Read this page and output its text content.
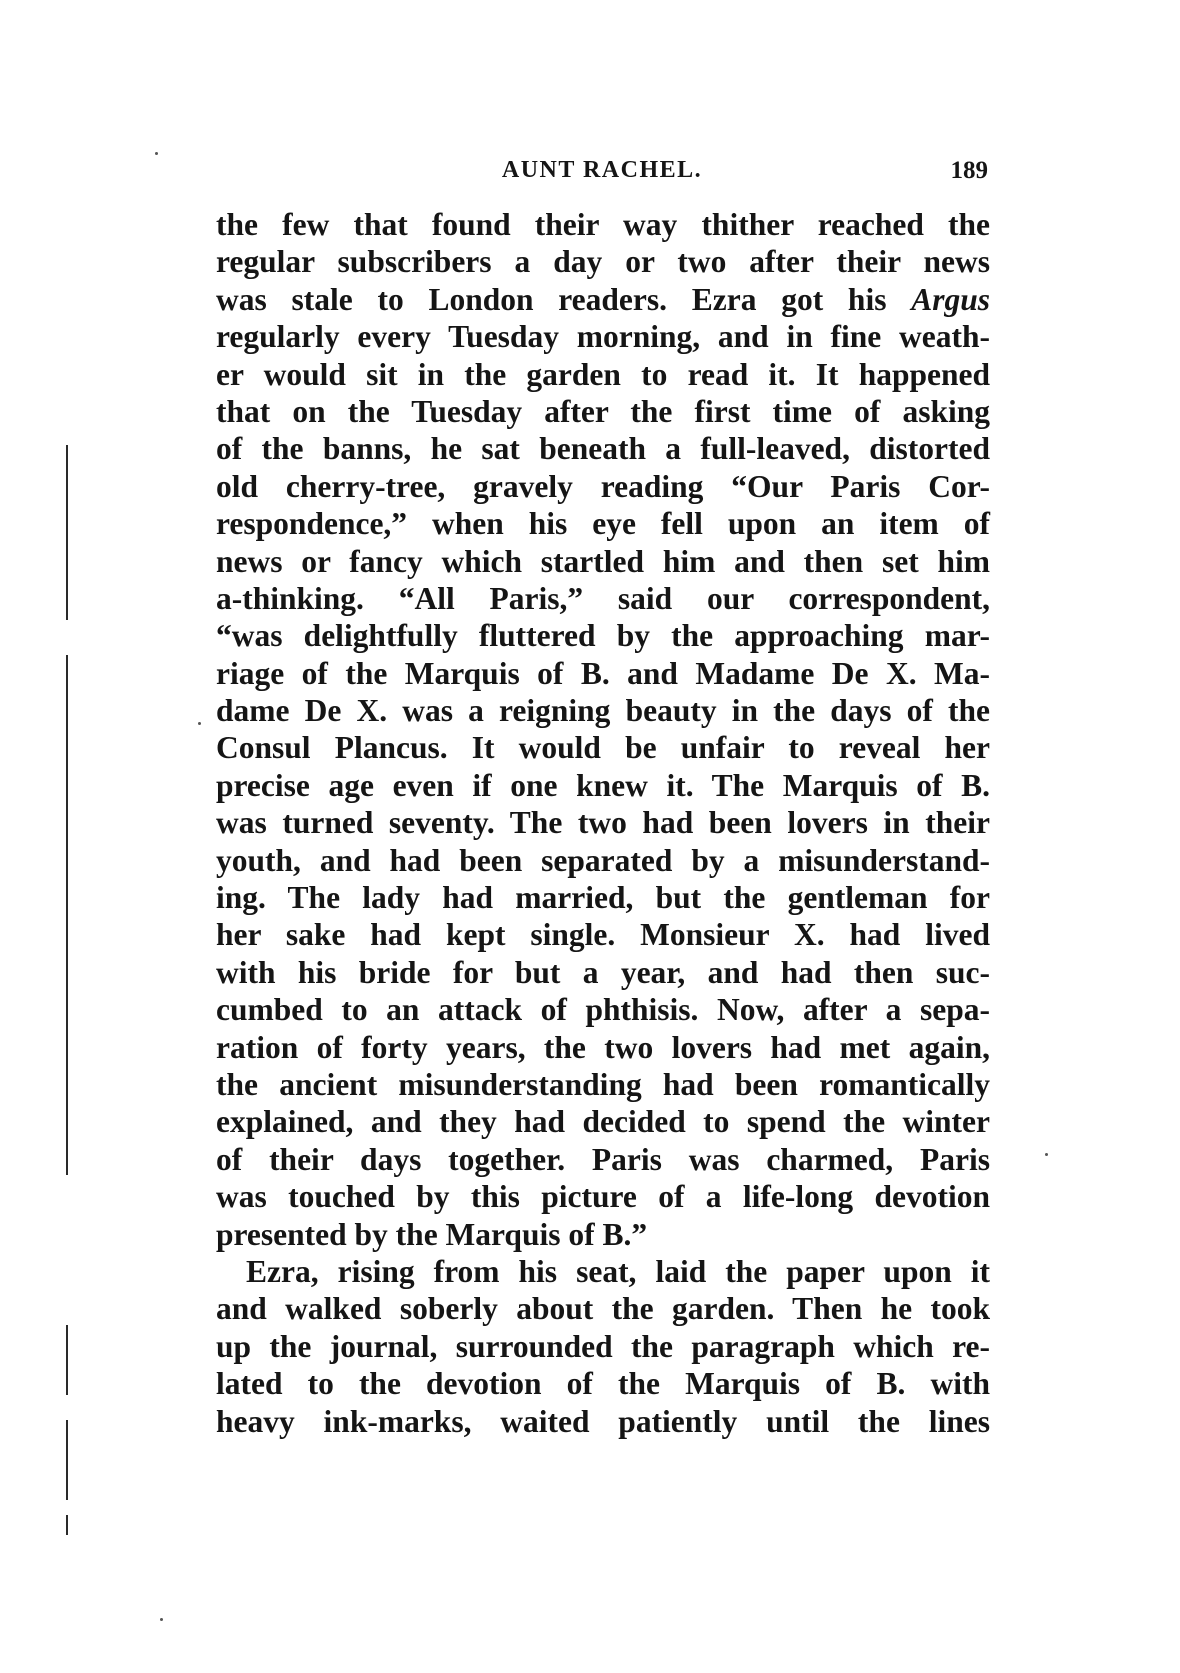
AUNT RACHEL.	189
the few that found their way thither reached the
regular subscribers a day or two after their news
was stale to London readers. Ezra got his Argus
regularly every Tuesday morning, and in fine weath-
er would sit in the garden to read it. It happened
that on the Tuesday after the first time of asking
of the banns, he sat beneath a full-leaved, distorted
old cherry-tree, gravely reading “Our Paris Cor-
respondence,” when his eye fell upon an item of
news or fancy which startled him and then set him
a-thinking. “All Paris,” said our correspondent,
“was delightfully fluttered by the approaching mar-
riage of the Marquis of B. and Madame De X. Ma-
dame De X. was a reigning beauty in the days of the
Consul Plancus. It would be unfair to reveal her
precise age even if one knew it. The Marquis of B.
was turned seventy. The two had been lovers in their
youth, and had been separated by a misunderstand-
ing. The lady had married, but the gentleman for
her sake had kept single. Monsieur X. had lived
with his bride for but a year, and had then suc-
cumbed to an attack of phthisis. Now, after a sepa-
ration of forty years, the two lovers had met again,
the ancient misunderstanding had been romantically
explained, and they had decided to spend the winter
of their days together. Paris was charmed, Paris
was touched by this picture of a life-long devotion
presented by the Marquis of B.”
Ezra, rising from his seat, laid the paper upon it
and walked soberly about the garden. Then he took
up the journal, surrounded the paragraph which re-
lated to the devotion of the Marquis of B. with
heavy ink-marks, waited patiently until the lines
